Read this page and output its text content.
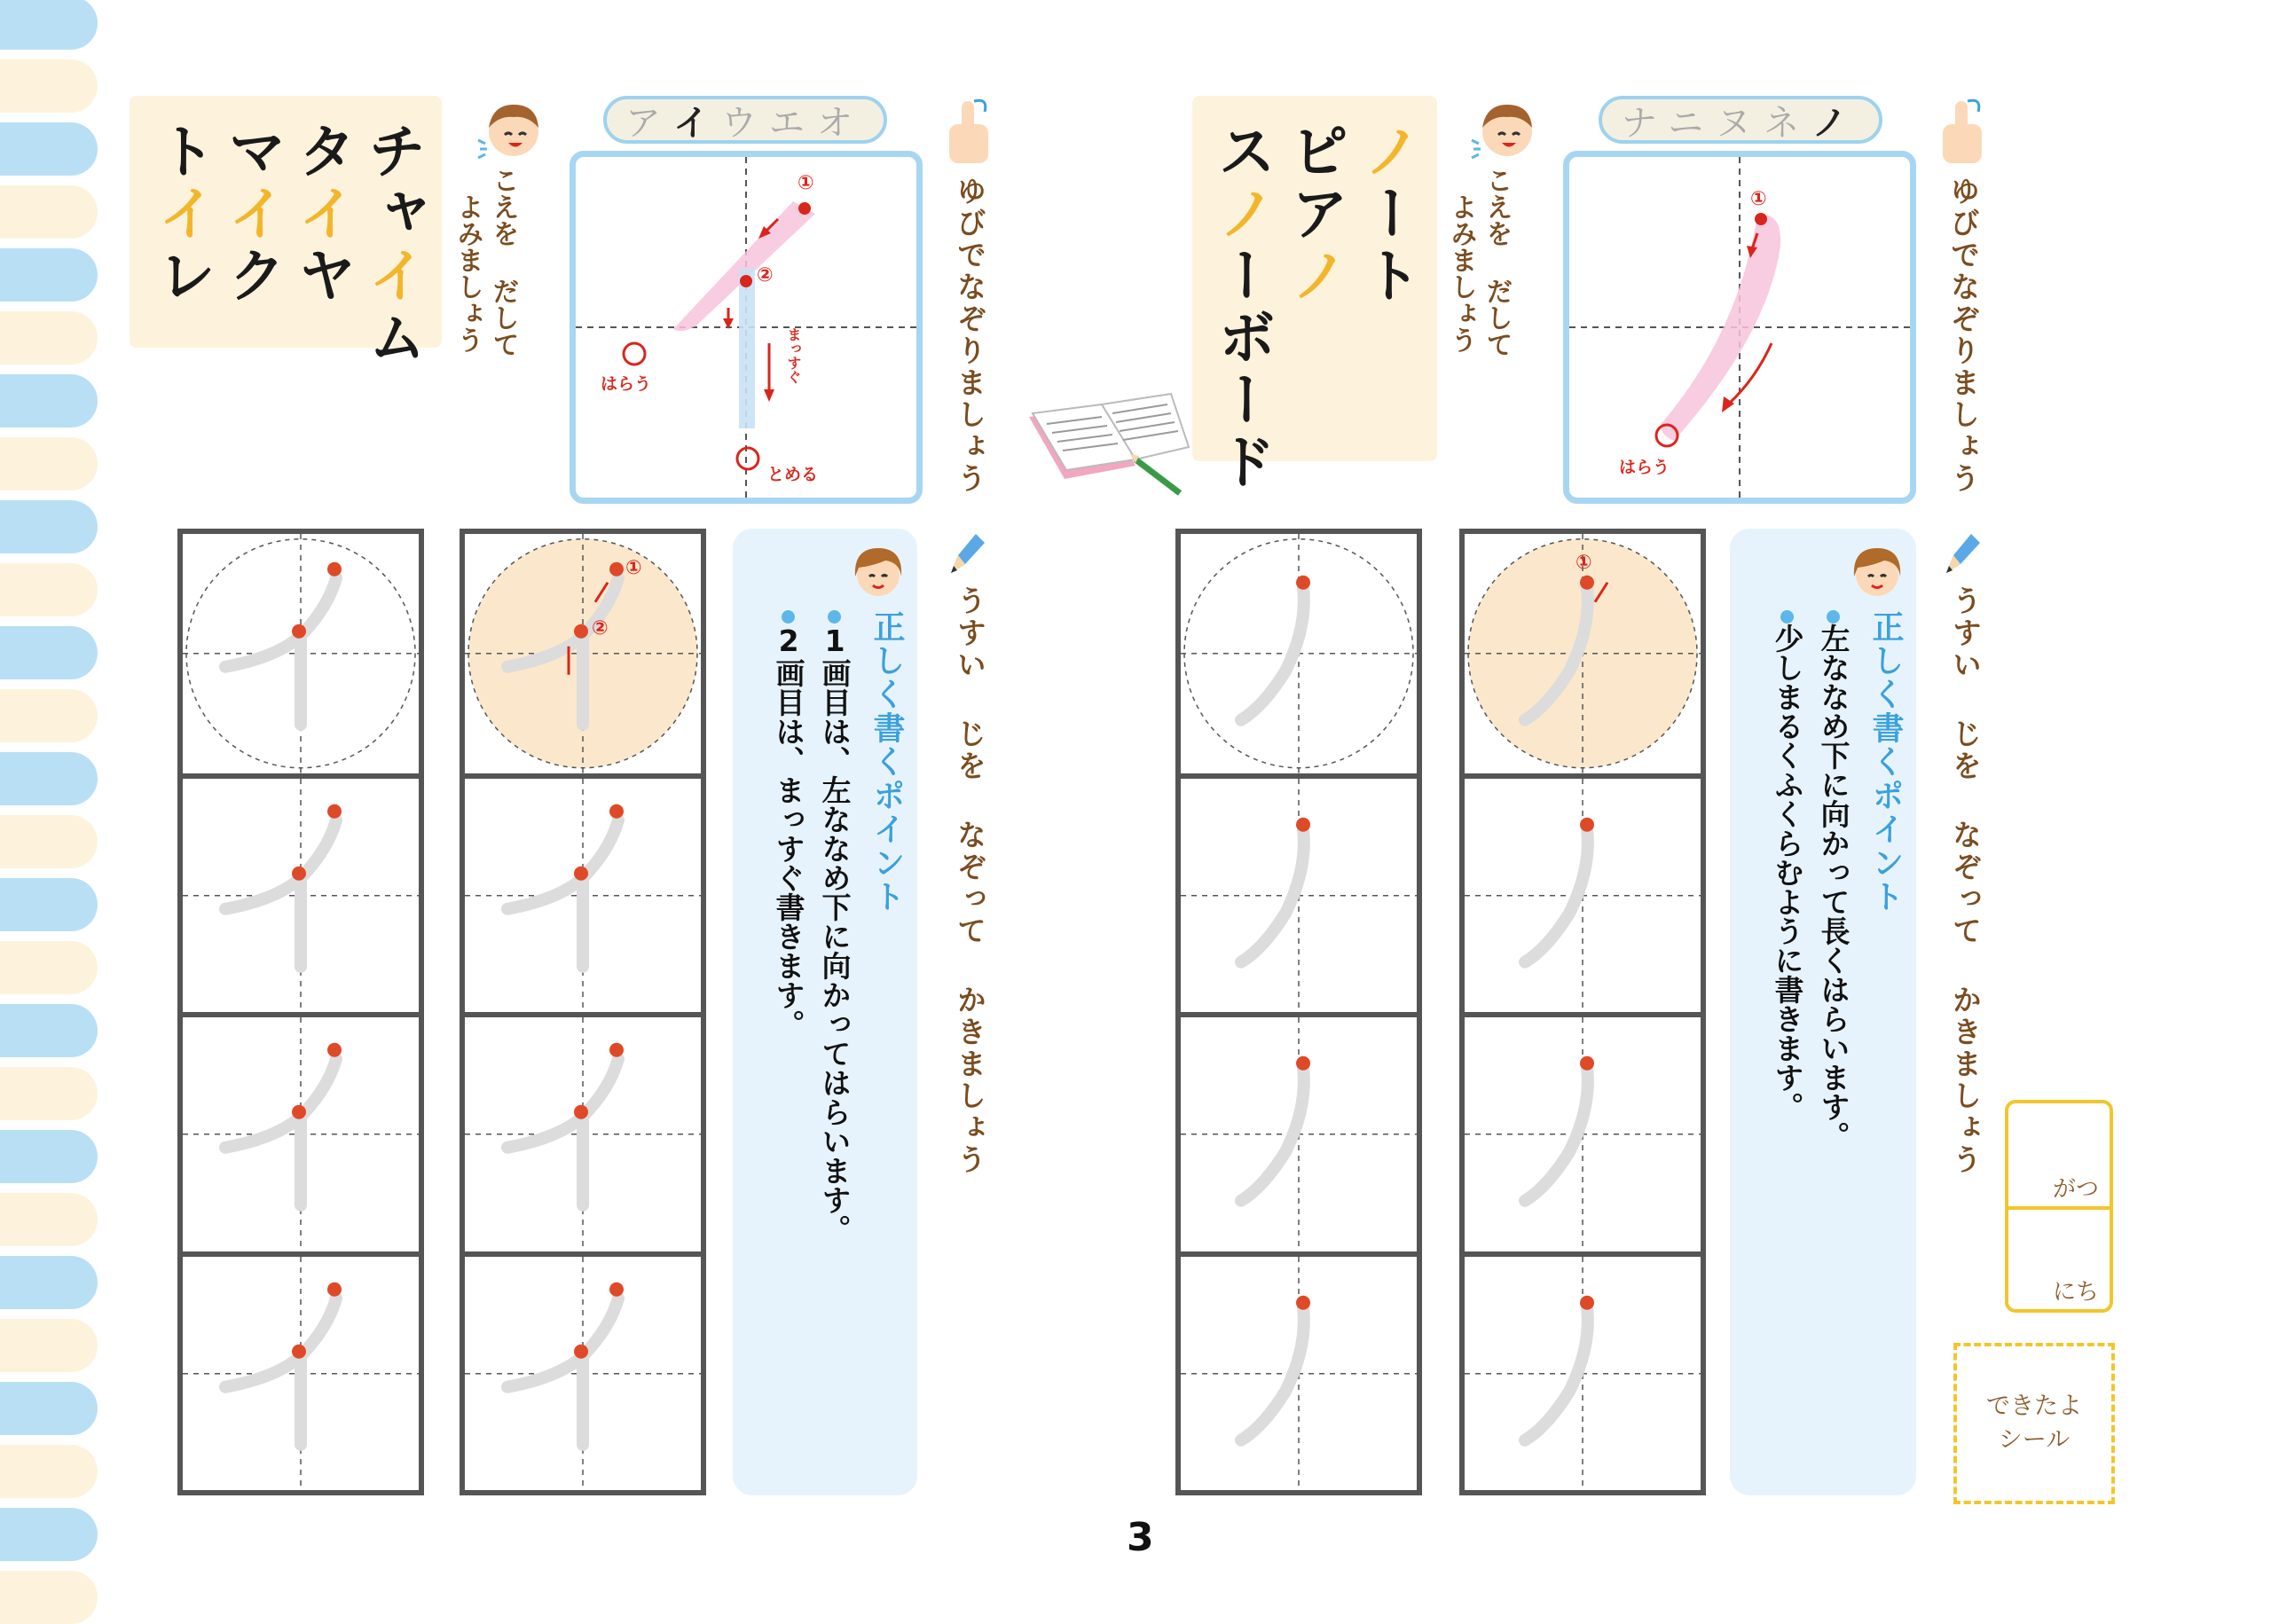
チャイム
タイヤ
マイク
トイレ	こえを だして
よみましょう
ア イ ウエオ
①
②
はらう
とめる
まっすぐ	ゆびでなぞりましょう
①
②	正しく書くポイント
1画目は、左ななめ下に向かってはらいます。
2画目は、まっすぐ書きます。	うすい じを なぞって かきましょう
ノート
ピアノ
スノーボード	こえを だして
よみましょう
ナニヌネ ノ
①
はらう	ゆびでなぞりましょう
①
正しく書くポイント
左ななめ下に向かって長くはらいます。
少しまるくふくらむように書きます。	うすい じを なぞって かきましょう
がつ
にち
できたよ
シール
3
